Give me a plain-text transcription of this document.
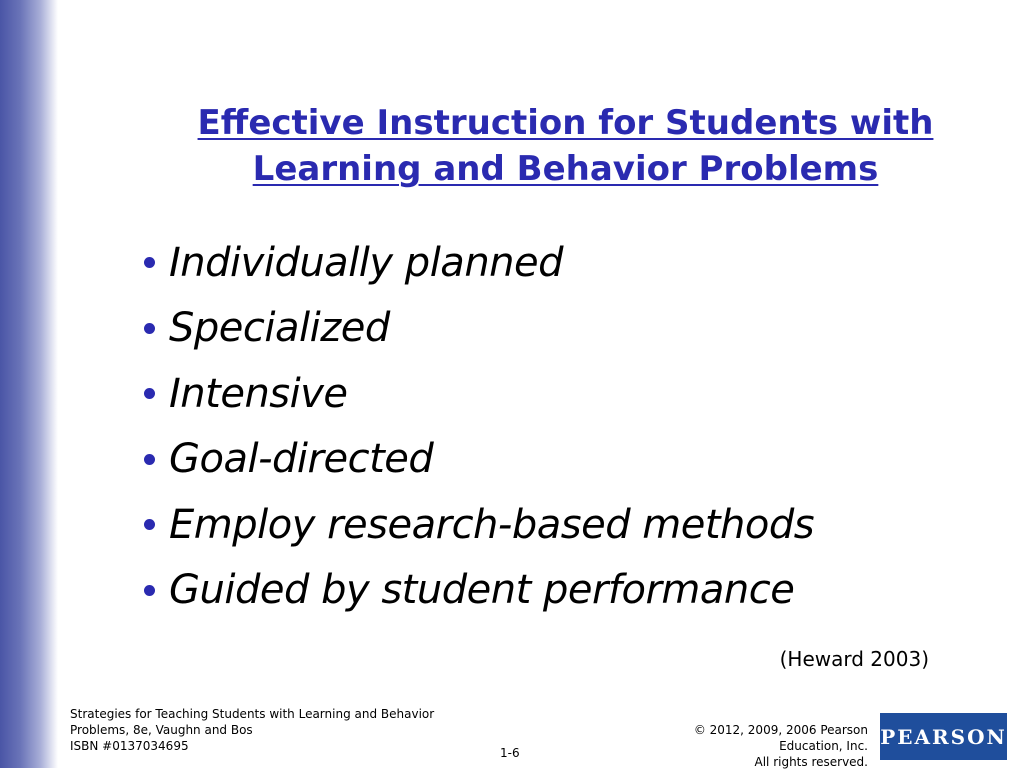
Effective Instruction for Students with
Learning and Behavior Problems
Individually planned
Specialized
Intensive
Goal-directed
Employ research-based methods
Guided by student performance
(Heward 2003)
Strategies for Teaching Students with Learning and Behavior
Problems, 8e, Vaughn and Bos
ISBN #0137034695	1-6
© 2012, 2009, 2006 Pearson
Education, Inc.
All rights reserved.
PEARSON
